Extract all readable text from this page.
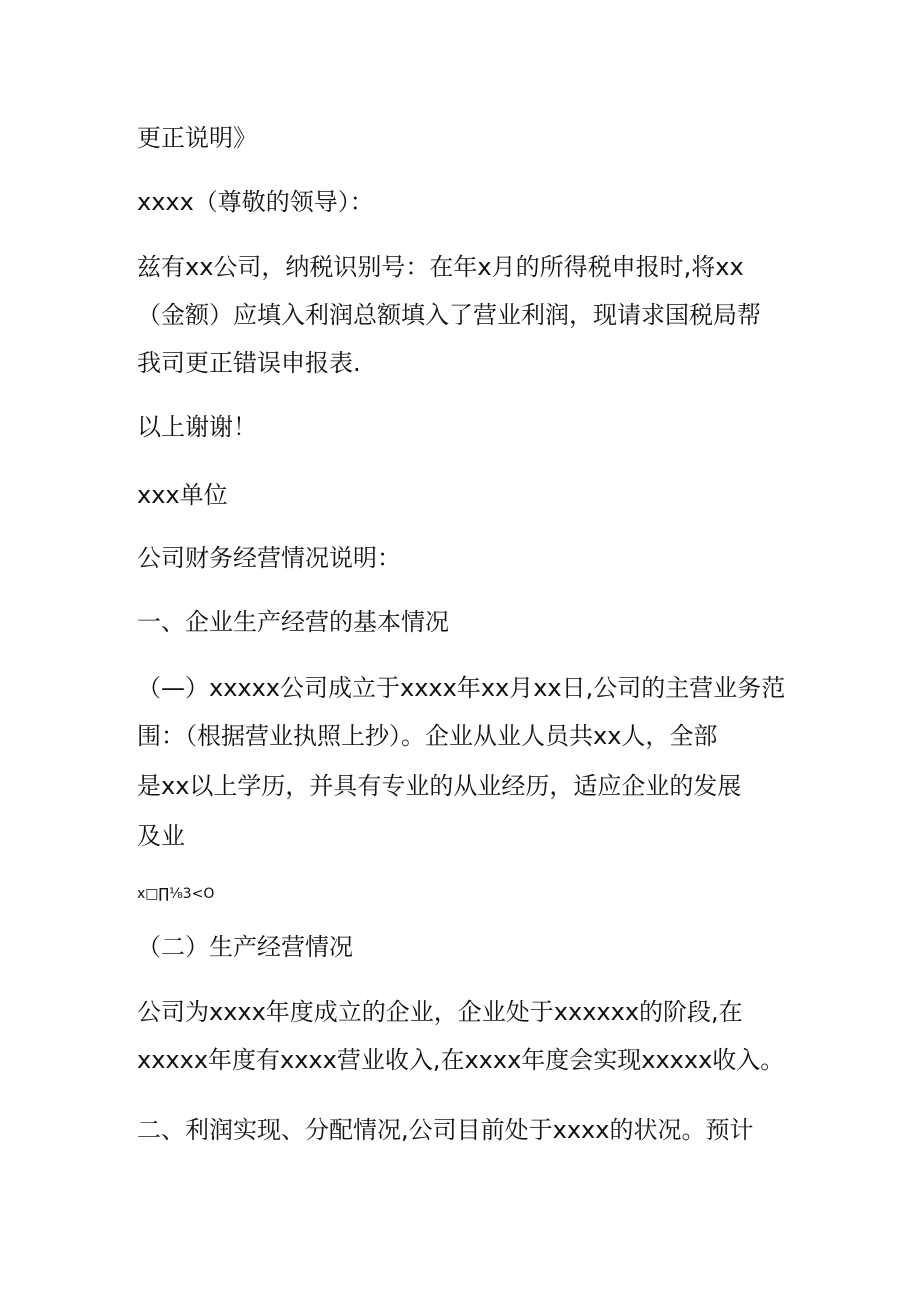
更正说明》
xxxx（尊敬的领导）：
兹有xx公司，纳税识别号：在年x月的所得税申报时,将xx
（金额）应填入利润总额填入了营业利润，现请求国税局帮
我司更正错误申报表.
以上谢谢！
xxx单位
公司财务经营情况说明：
一、企业生产经营的基本情况
（—）xxxxx公司成立于xxxx年xx月xx日,公司的主营业务范
围：（根据营业执照上抄）。企业从业人员共xx人，全部
是xx以上学历，并具有专业的从业经历，适应企业的发展
及业
x□∏⅛3<O
（二）生产经营情况
公司为xxxx年度成立的企业，企业处于xxxxxx的阶段,在
xxxxx年度有xxxx营业收入,在xxxx年度会实现xxxxx收入。
二、利润实现、分配情况,公司目前处于xxxx的状况。预计
